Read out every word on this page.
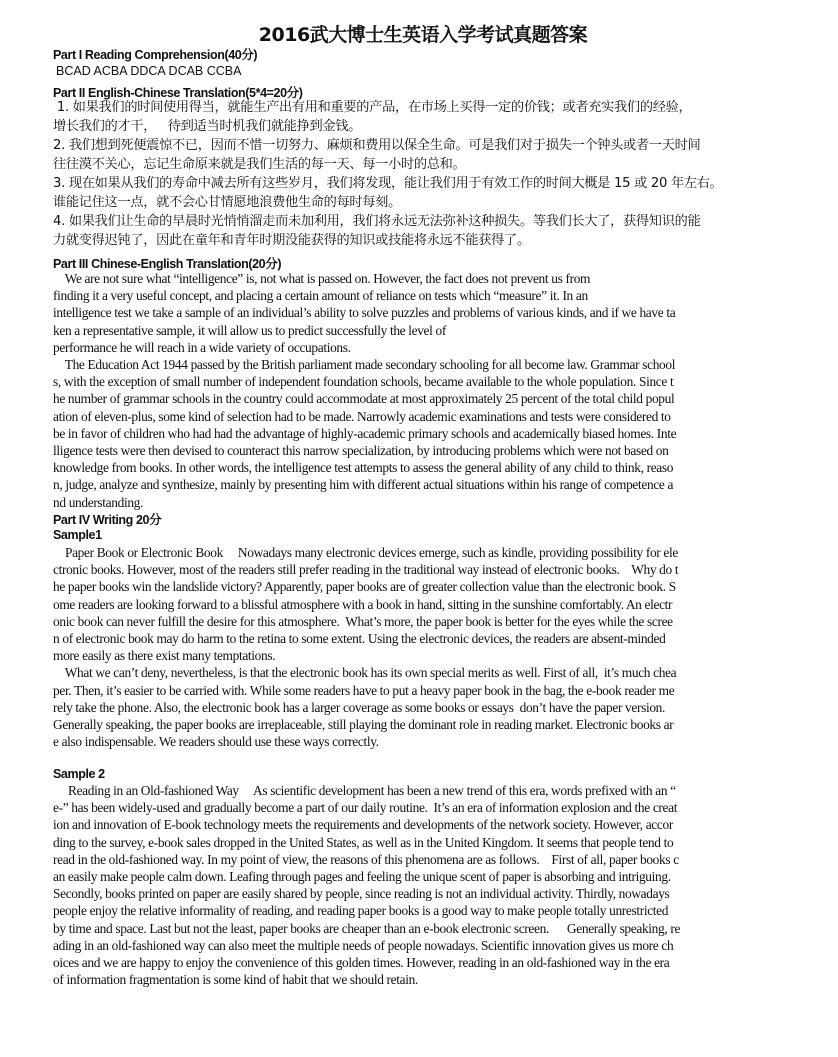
2016武大博士生英语入学考试真题答案
Part I Reading Comprehension(40分)
BCAD ACBA DDCA DCAB CCBA
Part II English-Chinese Translation(5*4=20分)
1. 如果我们的时间使用得当，就能生产出有用和重要的产品，在市场上买得一定的价钱；或者充实我们的经验，
增长我们的才干，   待到适当时机我们就能挣到金钱。
2. 我们想到死便震惊不已，因而不惜一切努力、麻烦和费用以保全生命。可是我们对于损失一个钟头或者一天时间
往往漠不关心，忘记生命原来就是我们生活的每一天、每一小时的总和。
3. 现在如果从我们的寿命中减去所有这些岁月，我们将发现，能让我们用于有效工作的时间大概是 15 或 20 年左右。
谁能记住这一点，就不会心甘情愿地浪费他生命的每时每刻。
4. 如果我们让生命的早晨时光悄悄溜走而未加利用，我们将永远无法弥补这种损失。等我们长大了，获得知识的能
力就变得迟钝了，因此在童年和青年时期没能获得的知识或技能将永远不能获得了。
Part III Chinese-English Translation(20分)
We are not sure what “intelligence” is, not what is passed on. However, the fact does not prevent us from
finding it a very useful concept, and placing a certain amount of reliance on tests which “measure” it. In an
intelligence test we take a sample of an individual’s ability to solve puzzles and problems of various kinds, and if we have ta
ken a representative sample, it will allow us to predict successfully the level of
performance he will reach in a wide variety of occupations.
The Education Act 1944 passed by the British parliament made secondary schooling for all become law. Grammar school
s, with the exception of small number of independent foundation schools, became available to the whole population. Since t
he number of grammar schools in the country could accommodate at most approximately 25 percent of the total child popul
ation of eleven-plus, some kind of selection had to be made. Narrowly academic examinations and tests were considered to
be in favor of children who had had the advantage of highly-academic primary schools and academically biased homes. Inte
lligence tests were then devised to counteract this narrow specialization, by introducing problems which were not based on
knowledge from books. In other words, the intelligence test attempts to assess the general ability of any child to think, reaso
n, judge, analyze and synthesize, mainly by presenting him with different actual situations within his range of competence a
nd understanding.
Part IV Writing 20分
Sample1
Paper Book or Electronic Book     Nowadays many electronic devices emerge, such as kindle, providing possibility for ele
ctronic books. However, most of the readers still prefer reading in the traditional way instead of electronic books.    Why do t
he paper books win the landslide victory? Apparently, paper books are of greater collection value than the electronic book. S
ome readers are looking forward to a blissful atmosphere with a book in hand, sitting in the sunshine comfortably. An electr
onic book can never fulfill the desire for this atmosphere.  What’s more, the paper book is better for the eyes while the scree
n of electronic book may do harm to the retina to some extent. Using the electronic devices, the readers are absent-minded
more easily as there exist many temptations.
What we can’t deny, nevertheless, is that the electronic book has its own special merits as well. First of all,  it’s much chea
per. Then, it’s easier to be carried with. While some readers have to put a heavy paper book in the bag, the e-book reader me
rely take the phone. Also, the electronic book has a larger coverage as some books or essays  don’t have the paper version.
Generally speaking, the paper books are irreplaceable, still playing the dominant role in reading market. Electronic books ar
e also indispensable. We readers should use these ways correctly.
Sample 2
Reading in an Old-fashioned Way     As scientific development has been a new trend of this era, words prefixed with an “
e-” has been widely-used and gradually become a part of our daily routine.  It’s an era of information explosion and the creat
ion and innovation of E-book technology meets the requirements and developments of the network society. However, accor
ding to the survey, e-book sales dropped in the United States, as well as in the United Kingdom. It seems that people tend to
read in the old-fashioned way. In my point of view, the reasons of this phenomena are as follows.    First of all, paper books c
an easily make people calm down. Leafing through pages and feeling the unique scent of paper is absorbing and intriguing.
Secondly, books printed on paper are easily shared by people, since reading is not an individual activity. Thirdly, nowadays
people enjoy the relative informality of reading, and reading paper books is a good way to make people totally unrestricted
by time and space. Last but not the least, paper books are cheaper than an e-book electronic screen.      Generally speaking, re
ading in an old-fashioned way can also meet the multiple needs of people nowadays. Scientific innovation gives us more ch
oices and we are happy to enjoy the convenience of this golden times. However, reading in an old-fashioned way in the era
of information fragmentation is some kind of habit that we should retain.
